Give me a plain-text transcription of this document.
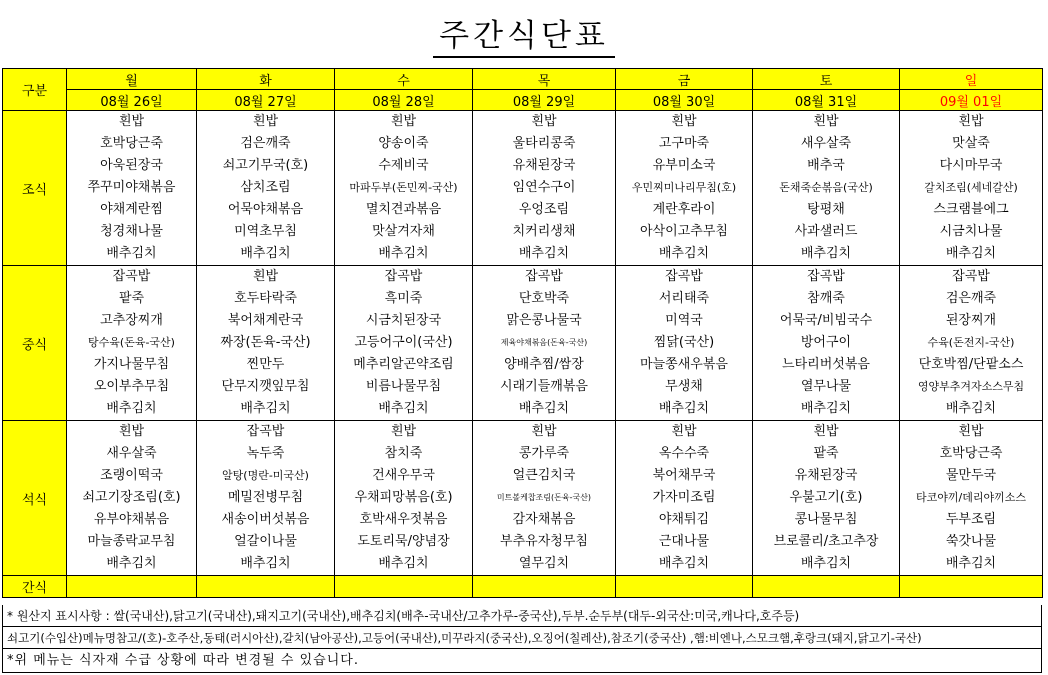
주간식단표
구분	월	화	수	목	금	토	일
	08월 26일	08월 27일	08월 28일	08월 29일	08월 30일	08월 31일	09월 01일
조식	흰밥	흰밥	흰밥	흰밥	흰밥	흰밥	흰밥
	호박당근죽	검은깨죽	양송이죽	울타리콩죽	고구마죽	새우살죽	맛살죽
	아욱된장국	쇠고기무국(호)	수제비국	유채된장국	유부미소국	배추국	다시마무국
	쭈꾸미야채볶음	삼치조림	마파두부(돈민찌-국산)	임연수구이	우민찌미나리무침(호)	돈채죽순볶음(국산)	갈치조림(세네갈산)
	야채계란찜	어묵야채볶음	멸치견과볶음	우엉조림	계란후라이	탕평채	스크램블에그
	청경채나물	미역초무침	맛살겨자채	치커리생채	아삭이고추무침	사과샐러드	시금치나물
	배추김치	배추김치	배추김치	배추김치	배추김치	배추김치	배추김치
중식	잡곡밥	흰밥	잡곡밥	잡곡밥	잡곡밥	잡곡밥	잡곡밥
	팥죽	호두타락죽	흑미죽	단호박죽	서리태죽	참깨죽	검은깨죽
	고추장찌개	북어채계란국	시금치된장국	맑은콩나물국	미역국	어묵국/비빔국수	된장찌개
	탕수육(돈육-국산)	짜장(돈육-국산)	고등어구이(국산)	제육야채볶음(돈육-국산)	찜닭(국산)	방어구이	수육(돈전지-국산)
	가지나물무침	찐만두	메추리알곤약조림	양배추찜/쌈장	마늘쫑새우볶음	느타리버섯볶음	단호박찜/단팥소스
	오이부추무침	단무지깻잎무침	비름나물무침	시래기들깨볶음	무생채	열무나물	영양부추겨자소스무침
	배추김치	배추김치	배추김치	배추김치	배추김치	배추김치	배추김치
석식	흰밥	잡곡밥	흰밥	흰밥	흰밥	흰밥	흰밥
	새우살죽	녹두죽	참치죽	콩가루죽	옥수수죽	팥죽	호박당근죽
	조랭이떡국	알탕(명란-미국산)	건새우무국	얼큰김치국	북어채무국	유채된장국	물만두국
	쇠고기장조림(호)	메밀전병무침	우채피망볶음(호)	미트볼케찹조림(돈육-국산)	가자미조림	우불고기(호)	타코야끼/데리야끼소스
	유부야채볶음	새송이버섯볶음	호박새우젓볶음	감자채볶음	야채튀김	콩나물무침	두부조림
	마늘종락교무침	얼갈이나물	도토리묵/양념장	부추유자청무침	근대나물	브로콜리/초고추장	쑥갓나물
	배추김치	배추김치	배추김치	열무김치	배추김치	배추김치	배추김치
간식							
* 원산지 표시사항 : 쌀(국내산),닭고기(국내산),돼지고기(국내산),배추김치(배추-국내산/고추가루-중국산),두부.순두부(대두-외국산:미국,캐나다,호주등)
쇠고기(수입산)메뉴명참고/(호)-호주산,동태(러시아산),갈치(남아공산),고등어(국내산),미꾸라지(중국산),오징어(칠레산),참조기(중국산) ,햄:비엔나,스모크햄,후랑크(돼지,닭고기-국산)
*위 메뉴는 식자재 수급 상황에 따라 변경될 수 있습니다.
